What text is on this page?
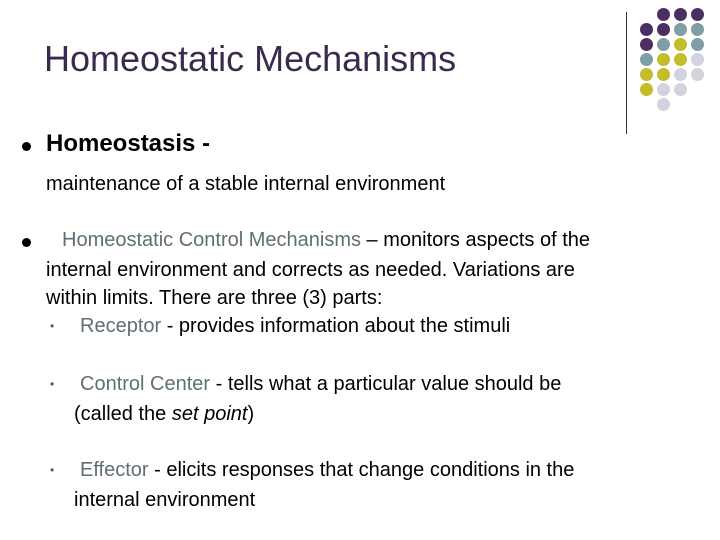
Homeostatic Mechanisms
Homeostasis -
maintenance of a stable internal environment
Homeostatic Control Mechanisms – monitors aspects of the
internal environment and corrects as needed. Variations are
within limits. There are three (3) parts:
• Receptor - provides information about the stimuli
• Control Center - tells what a particular value should be
(called the set point)
• Effector - elicits responses that change conditions in the
internal environment
